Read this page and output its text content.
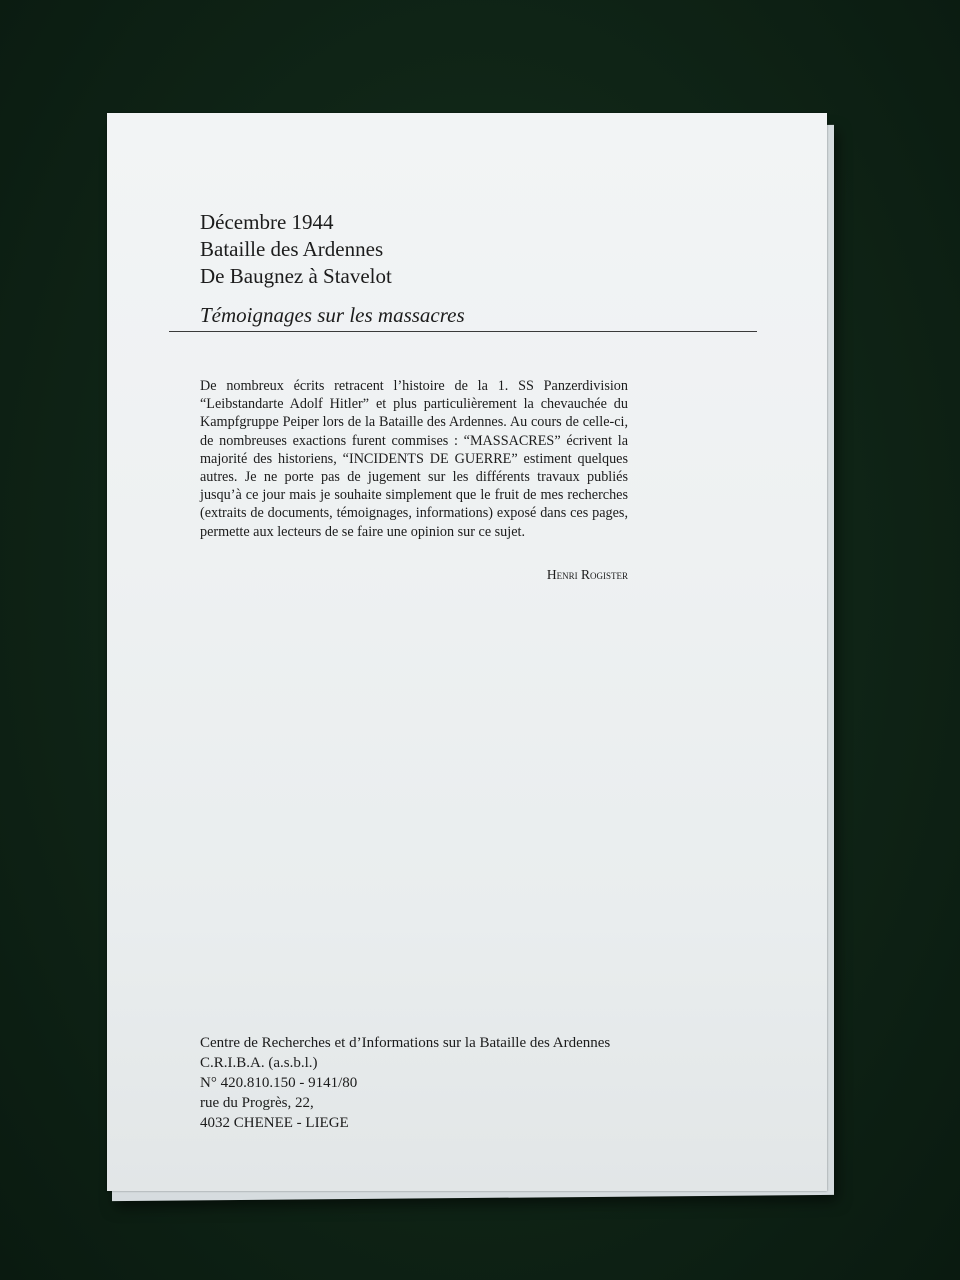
Décembre 1944
Bataille des Ardennes
De Baugnez à Stavelot
Témoignages sur les massacres
De nombreux écrits retracent l’histoire de la 1. SS Panzerdivision “Leibstandarte Adolf Hitler” et plus particulièrement la chevauchée du Kampfgruppe Peiper lors de la Bataille des Ardennes. Au cours de celle-ci, de nombreuses exactions furent commises : “MASSACRES” écrivent la majorité des historiens, “INCIDENTS DE GUERRE” estiment quelques autres. Je ne porte pas de jugement sur les différents travaux publiés jusqu’à ce jour mais je souhaite simplement que le fruit de mes recherches (extraits de documents, témoignages, informations) exposé dans ces pages, permette aux lecteurs de se faire une opinion sur ce sujet.
Henri Rogister
Centre de Recherches et d’Informations sur la Bataille des Ardennes
C.R.I.B.A. (a.s.b.l.)
N° 420.810.150 - 9141/80
rue du Progrès, 22,
4032 CHENEE - LIEGE
